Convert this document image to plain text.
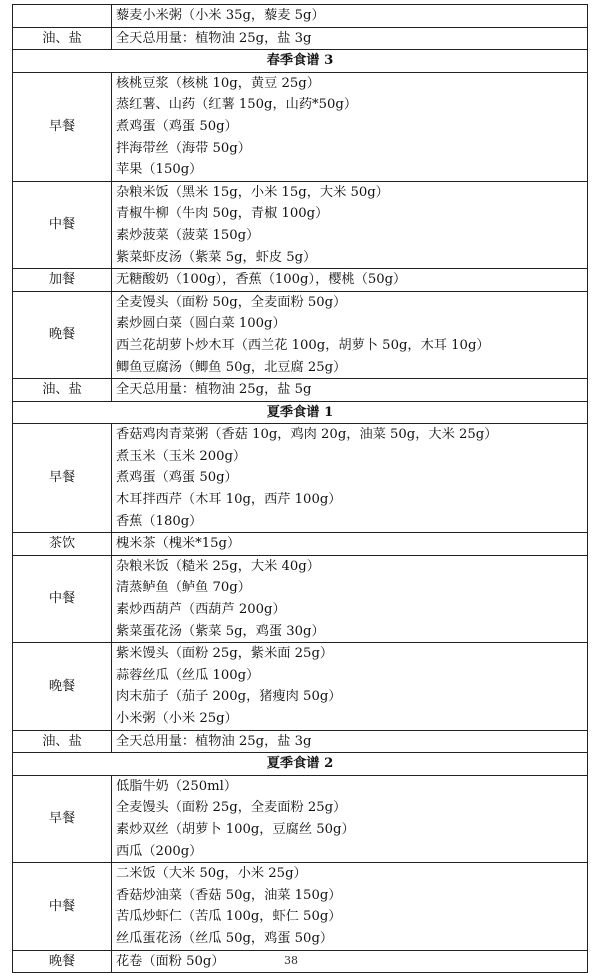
	藜麦小米粥（小米 35g，藜麦 5g）

油、盐	全天总用量：植物油 25g，盐 3g

春季食谱 3	
早餐	核桃豆浆（核桃 10g，黄豆 25g）
蒸红薯、山药（红薯 150g，山药*50g）
煮鸡蛋（鸡蛋 50g）
拌海带丝（海带 50g）
苹果（150g）

中餐	杂粮米饭（黑米 15g，小米 15g，大米 50g）
青椒牛柳（牛肉 50g，青椒 100g）
素炒菠菜（菠菜 150g）
紫菜虾皮汤（紫菜 5g，虾皮 5g）

加餐	无糖酸奶（100g），香蕉（100g），樱桃（50g）

晚餐	全麦馒头（面粉 50g，全麦面粉 50g）
素炒圆白菜（圆白菜 100g）
西兰花胡萝卜炒木耳（西兰花 100g，胡萝卜 50g，木耳 10g）
鲫鱼豆腐汤（鲫鱼 50g，北豆腐 25g）

油、盐	全天总用量：植物油 25g，盐 5g

夏季食谱 1	
早餐	香菇鸡肉青菜粥（香菇 10g，鸡肉 20g，油菜 50g，大米 25g）
煮玉米（玉米 200g）
煮鸡蛋（鸡蛋 50g）
木耳拌西芹（木耳 10g，西芹 100g）
香蕉（180g）

茶饮	槐米茶（槐米*15g）

中餐	杂粮米饭（糙米 25g，大米 40g）
清蒸鲈鱼（鲈鱼 70g）
素炒西葫芦（西葫芦 200g）
紫菜蛋花汤（紫菜 5g，鸡蛋 30g）

晚餐	紫米馒头（面粉 25g，紫米面 25g）
蒜蓉丝瓜（丝瓜 100g）
肉末茄子（茄子 200g，猪瘦肉 50g）
小米粥（小米 25g）

油、盐	全天总用量：植物油 25g，盐 3g

夏季食谱 2	
早餐	低脂牛奶（250ml）
全麦馒头（面粉 25g，全麦面粉 25g）
素炒双丝（胡萝卜 100g，豆腐丝 50g）
西瓜（200g）

中餐	二米饭（大米 50g，小米 25g）
香菇炒油菜（香菇 50g，油菜 150g）
苦瓜炒虾仁（苦瓜 100g，虾仁 50g）
丝瓜蛋花汤（丝瓜 50g，鸡蛋 50g）

晚餐	花卷（面粉 50g）	38
